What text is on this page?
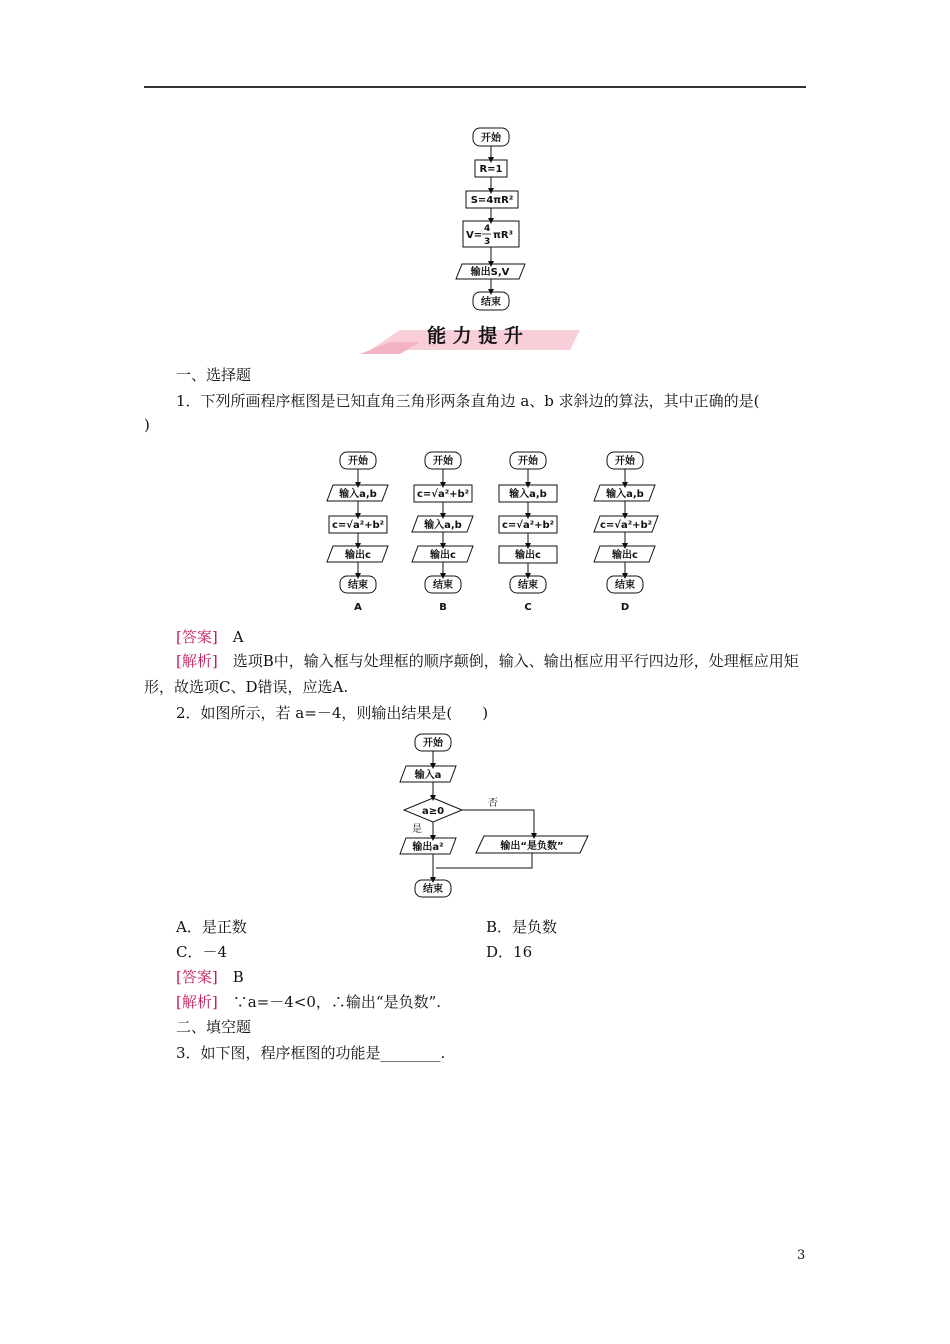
开始
R=1
S=4πR²
V=
4
3
πR³
输出S,V
结束
能 力 提 升
一、选择题
1．下列所画程序框图是已知直角三角形两条直角边 a、b 求斜边的算法，其中正确的是(
)
开始
输入a,b
c=√a²+b²
输出c
结束
开始
c=√a²+b²
输入a,b
输出c
结束
开始
输入a,b
c=√a²+b²
输出c
结束
开始
输入a,b
c=√a²+b²
输出c
结束
A	B	C	D
[答案]　 A
[解析]　 选项B中，输入框与处理框的顺序颠倒，输入、输出框应用平行四边形，处理框应用矩形，故选项C、D错误，应选A.
2．如图所示，若 a=－4，则输出结果是(　　)
开始
输入a
a≥0
输出a²	输出“是负数”
结束
否
是
A．是正数	B．是负数
C．－4	D．16
[答案]　 B
[解析]　 ∵a=－4<0，∴输出“是负数”.
二、填空题
3．如下图，程序框图的功能是________.
3
